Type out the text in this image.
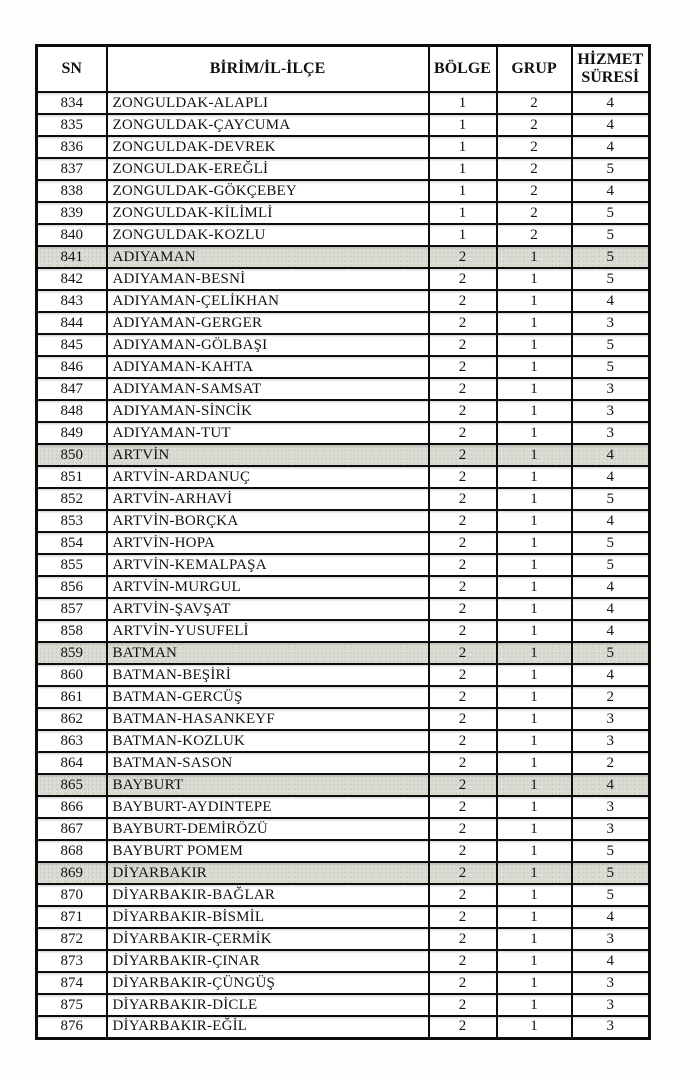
SN	BİRİM/İL-İLÇE	BÖLGE	GRUP	HİZMET SÜRESİ
834	ZONGULDAK-ALAPLI	1	2	4
835	ZONGULDAK-ÇAYCUMA	1	2	4
836	ZONGULDAK-DEVREK	1	2	4
837	ZONGULDAK-EREĞLİ	1	2	5
838	ZONGULDAK-GÖKÇEBEY	1	2	4
839	ZONGULDAK-KİLİMLİ	1	2	5
840	ZONGULDAK-KOZLU	1	2	5
841	ADIYAMAN	2	1	5
842	ADIYAMAN-BESNİ	2	1	5
843	ADIYAMAN-ÇELİKHAN	2	1	4
844	ADIYAMAN-GERGER	2	1	3
845	ADIYAMAN-GÖLBAŞI	2	1	5
846	ADIYAMAN-KAHTA	2	1	5
847	ADIYAMAN-SAMSAT	2	1	3
848	ADIYAMAN-SİNCİK	2	1	3
849	ADIYAMAN-TUT	2	1	3
850	ARTVİN	2	1	4
851	ARTVİN-ARDANUÇ	2	1	4
852	ARTVİN-ARHAVİ	2	1	5
853	ARTVİN-BORÇKA	2	1	4
854	ARTVİN-HOPA	2	1	5
855	ARTVİN-KEMALPAŞA	2	1	5
856	ARTVİN-MURGUL	2	1	4
857	ARTVİN-ŞAVŞAT	2	1	4
858	ARTVİN-YUSUFELİ	2	1	4
859	BATMAN	2	1	5
860	BATMAN-BEŞİRİ	2	1	4
861	BATMAN-GERCÜŞ	2	1	2
862	BATMAN-HASANKEYF	2	1	3
863	BATMAN-KOZLUK	2	1	3
864	BATMAN-SASON	2	1	2
865	BAYBURT	2	1	4
866	BAYBURT-AYDINTEPE	2	1	3
867	BAYBURT-DEMİRÖZÜ	2	1	3
868	BAYBURT POMEM	2	1	5
869	DİYARBAKIR	2	1	5
870	DİYARBAKIR-BAĞLAR	2	1	5
871	DİYARBAKIR-BİSMİL	2	1	4
872	DİYARBAKIR-ÇERMİK	2	1	3
873	DİYARBAKIR-ÇINAR	2	1	4
874	DİYARBAKIR-ÇÜNGÜŞ	2	1	3
875	DİYARBAKIR-DİCLE	2	1	3
876	DİYARBAKIR-EĞİL	2	1	3
